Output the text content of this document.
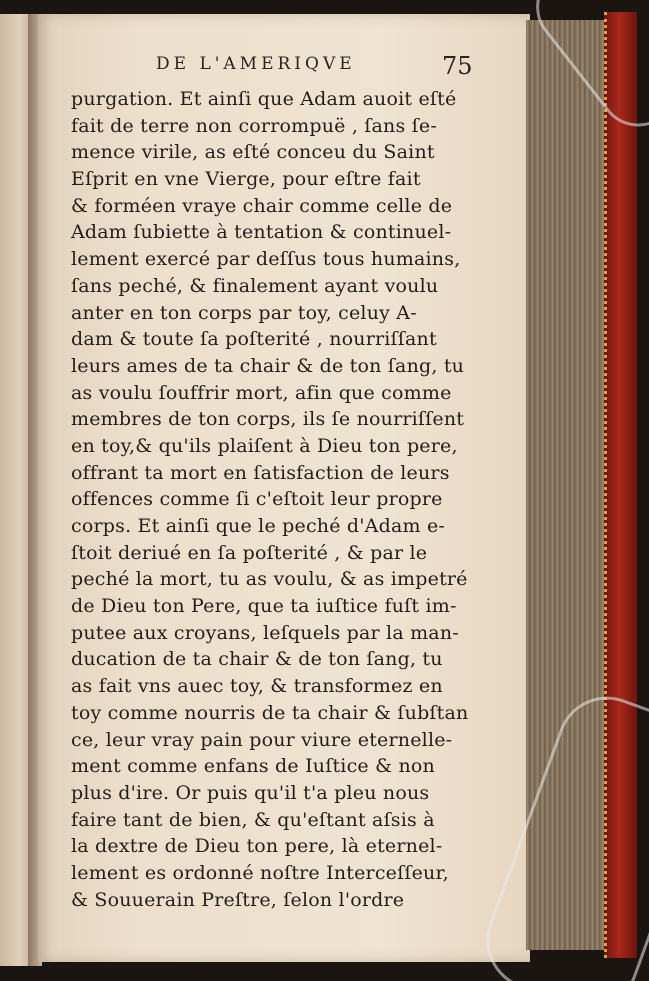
DE L'AMERIQVE	75
purgation. Et ainſi que Adam auoit eſté
fait de terre non corrompuë , ſans ſe-
mence virile, as eſté conceu du Saint
Eſprit en vne Vierge, pour eſtre fait
& forméen vraye chair comme celle de
Adam ſubiette à tentation & continuel-
lement exercé par deſſus tous humains,
ſans peché, & finalement ayant voulu
anter en ton corps par toy, celuy A-
dam & toute ſa poſterité , nourriſſant
leurs ames de ta chair & de ton ſang, tu
as voulu ſouffrir mort, afin que comme
membres de ton corps, ils ſe nourriſſent
en toy,& qu'ils plaiſent à Dieu ton pere,
offrant ta mort en ſatisfaction de leurs
offences comme ſi c'eſtoit leur propre
corps. Et ainſi que le peché d'Adam e-
ſtoit deriué en ſa poſterité , & par le
peché la mort, tu as voulu, & as impetré
de Dieu ton Pere, que ta iuſtice fuſt im-
putee aux croyans, leſquels par la man-
ducation de ta chair & de ton ſang, tu
as fait vns auec toy, & transformez en
toy comme nourris de ta chair & ſubſtan
ce, leur vray pain pour viure eternelle-
ment comme enfans de Iuſtice & non
plus d'ire. Or puis qu'il t'a pleu nous
faire tant de bien, & qu'eſtant aſsis à
la dextre de Dieu ton pere, là eternel-
lement es ordonné noſtre Interceſſeur,
& Souuerain Preſtre, ſelon l'ordre
